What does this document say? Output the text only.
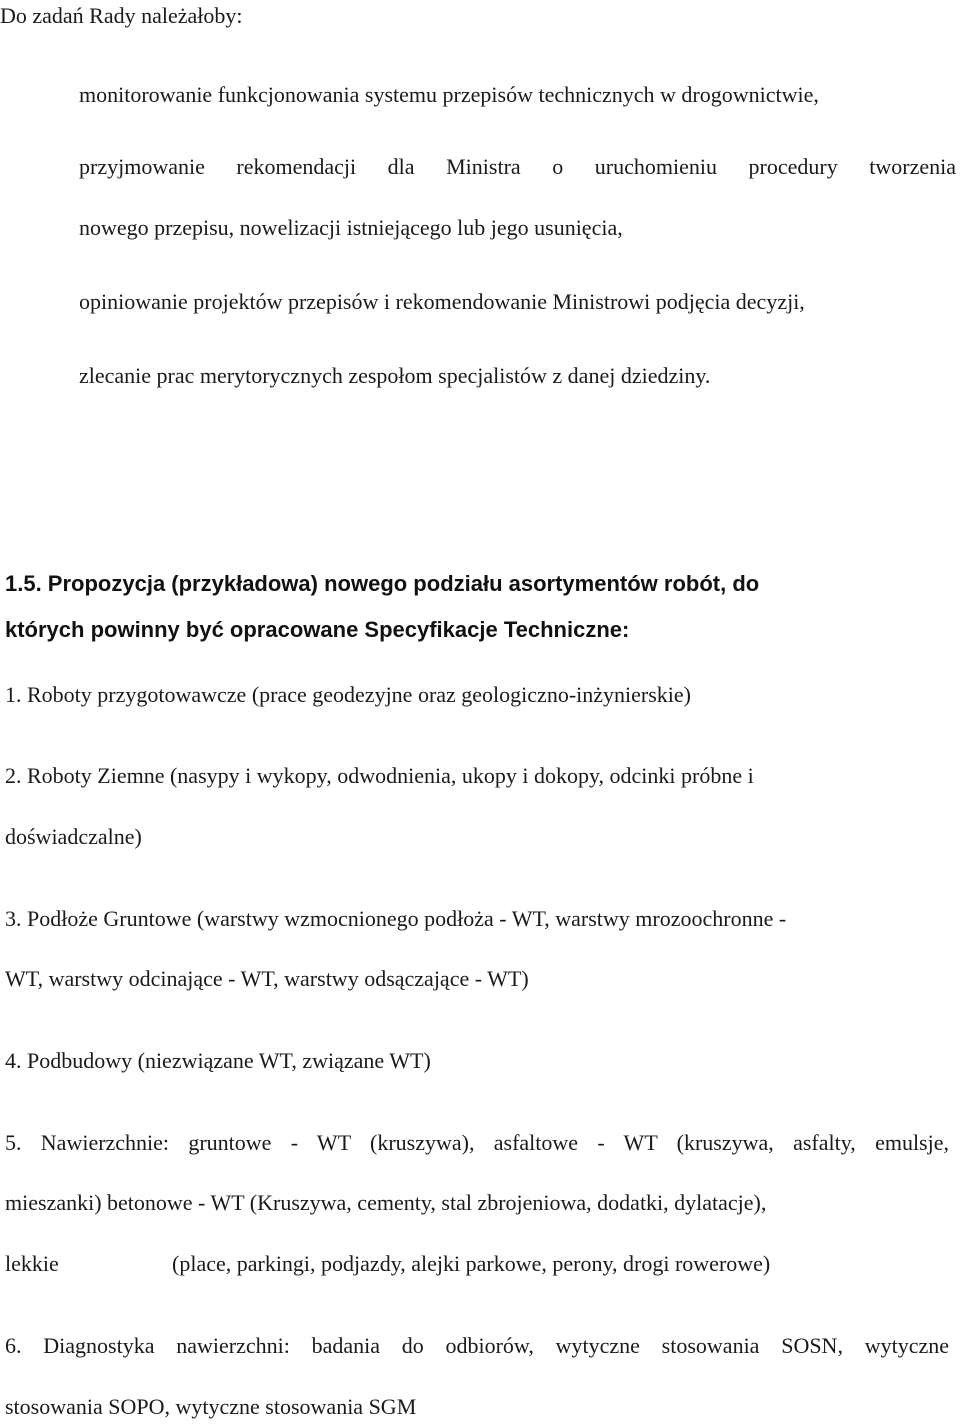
Do zadań Rady należałoby:
monitorowanie funkcjonowania systemu przepisów technicznych w drogownictwie,
przyjmowanie rekomendacji dla Ministra o uruchomieniu procedury tworzenia
nowego przepisu, nowelizacji istniejącego lub jego usunięcia,
opiniowanie projektów przepisów i rekomendowanie Ministrowi podjęcia decyzji,
zlecanie prac merytorycznych zespołom specjalistów z danej dziedziny.
1.5. Propozycja (przykładowa) nowego podziału asortymentów robót, do
których powinny być opracowane Specyfikacje Techniczne:
1. Roboty przygotowawcze (prace geodezyjne oraz geologiczno-inżynierskie)
2. Roboty Ziemne (nasypy i wykopy, odwodnienia, ukopy i dokopy, odcinki próbne i
doświadczalne)
3. Podłoże Gruntowe (warstwy wzmocnionego podłoża - WT, warstwy mrozoochronne -
WT, warstwy odcinające - WT, warstwy odsączające - WT)
4. Podbudowy (niezwiązane WT, związane WT)
5. Nawierzchnie: gruntowe - WT (kruszywa), asfaltowe - WT (kruszywa, asfalty, emulsje,
mieszanki) betonowe - WT (Kruszywa, cementy, stal zbrojeniowa, dodatki, dylatacje),
lekkie	(place, parkingi, podjazdy, alejki parkowe, perony, drogi rowerowe)
6. Diagnostyka nawierzchni: badania do odbiorów, wytyczne stosowania SOSN, wytyczne
stosowania SOPO, wytyczne stosowania SGM
